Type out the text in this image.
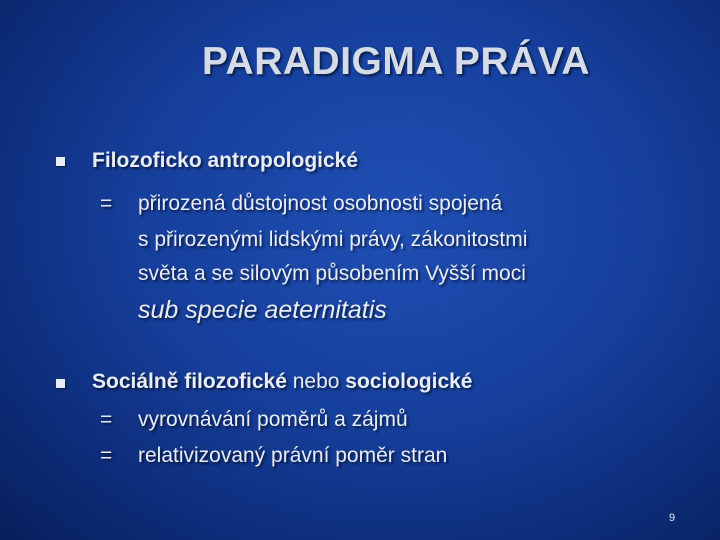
PARADIGMA PRÁVA
Filozoficko antropologické
= přirozená důstojnost osobnosti spojená
s přirozenými lidskými právy, zákonitostmi
světa a se silovým působením Vyšší moci
sub specie aeternitatis
Sociálně filozofické nebo sociologické
= vyrovnávání poměrů a zájmů
= relativizovaný právní poměr stran
9
